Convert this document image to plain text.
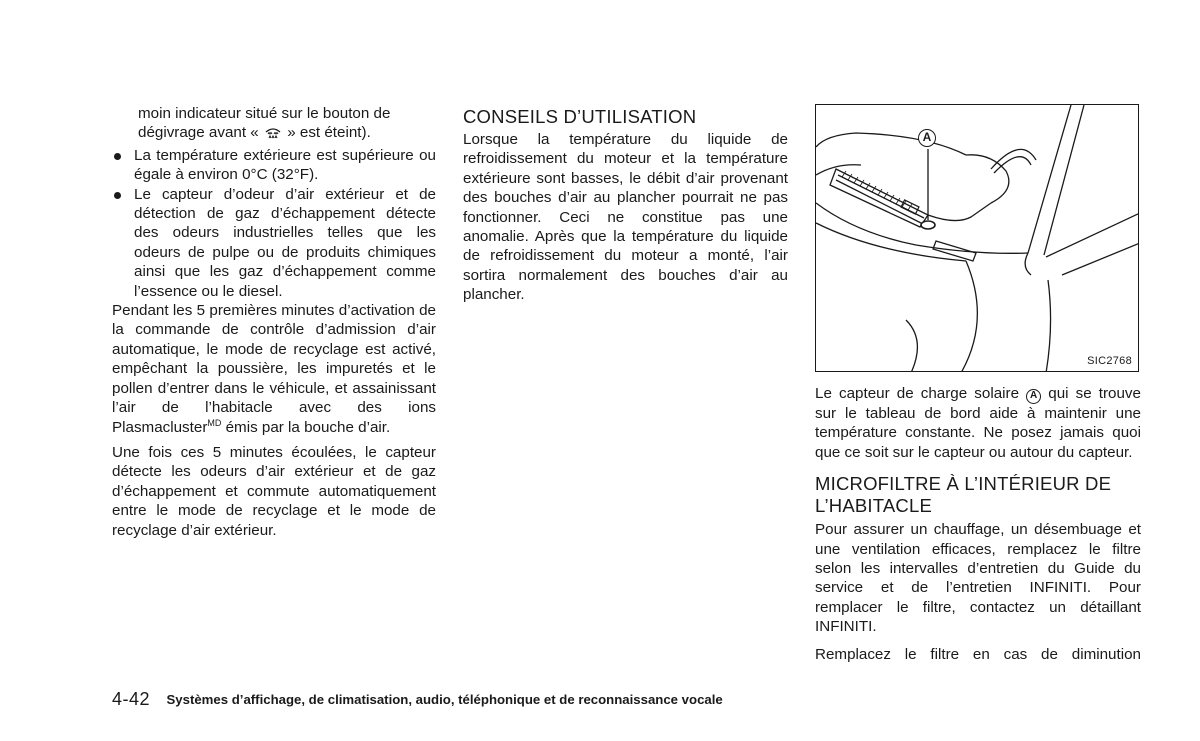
moin indicateur situé sur le bouton de
dégivrage avant « » est éteint).

La température extérieure est supérieure ou égale à environ 0°C (32°F).

Le capteur d’odeur d’air extérieur et de détection de gaz d’échappement détecte des odeurs industrielles telles que les odeurs de pulpe ou de produits chimiques ainsi que les gaz d’échappement comme l’essence ou le diesel.

Pendant les 5 premières minutes d’activation de la commande de contrôle d’admission d’air automatique, le mode de recyclage est activé, empêchant la poussière, les impuretés et le pollen d’entrer dans le véhicule, et assainissant l’air de l’habitacle avec des ions Plasmacluster$^{MD}$ émis par la bouche d’air.

Une fois ces 5 minutes écoulées, le capteur détecte les odeurs d’air extérieur et de gaz d’échappement et commute automatiquement entre le mode de recyclage et le mode de recyclage d’air extérieur.

CONSEILS D’UTILISATION

Lorsque la température du liquide de refroidissement du moteur et la température extérieure sont basses, le débit d’air provenant des bouches d’air au plancher pourrait ne pas fonctionner. Ceci ne constitue pas une anomalie. Après que la température du liquide de refroidissement du moteur a monté, l’air sortira normalement des bouches d’air au plancher.

A
SIC2768

Le capteur de charge solaire A qui se trouve sur le tableau de bord aide à maintenir une température constante. Ne posez jamais quoi que ce soit sur le capteur ou autour du capteur.

MICROFILTRE À L’INTÉRIEUR DE L’HABITACLE

Pour assurer un chauffage, un désembuage et une ventilation efficaces, remplacez le filtre selon les intervalles d’entretien du Guide du service et de l’entretien INFINITI. Pour remplacer le filtre, contactez un détaillant INFINITI.

Remplacez le filtre en cas de diminution

4-42 Systèmes d’affichage, de climatisation, audio, téléphonique et de reconnaissance vocale
